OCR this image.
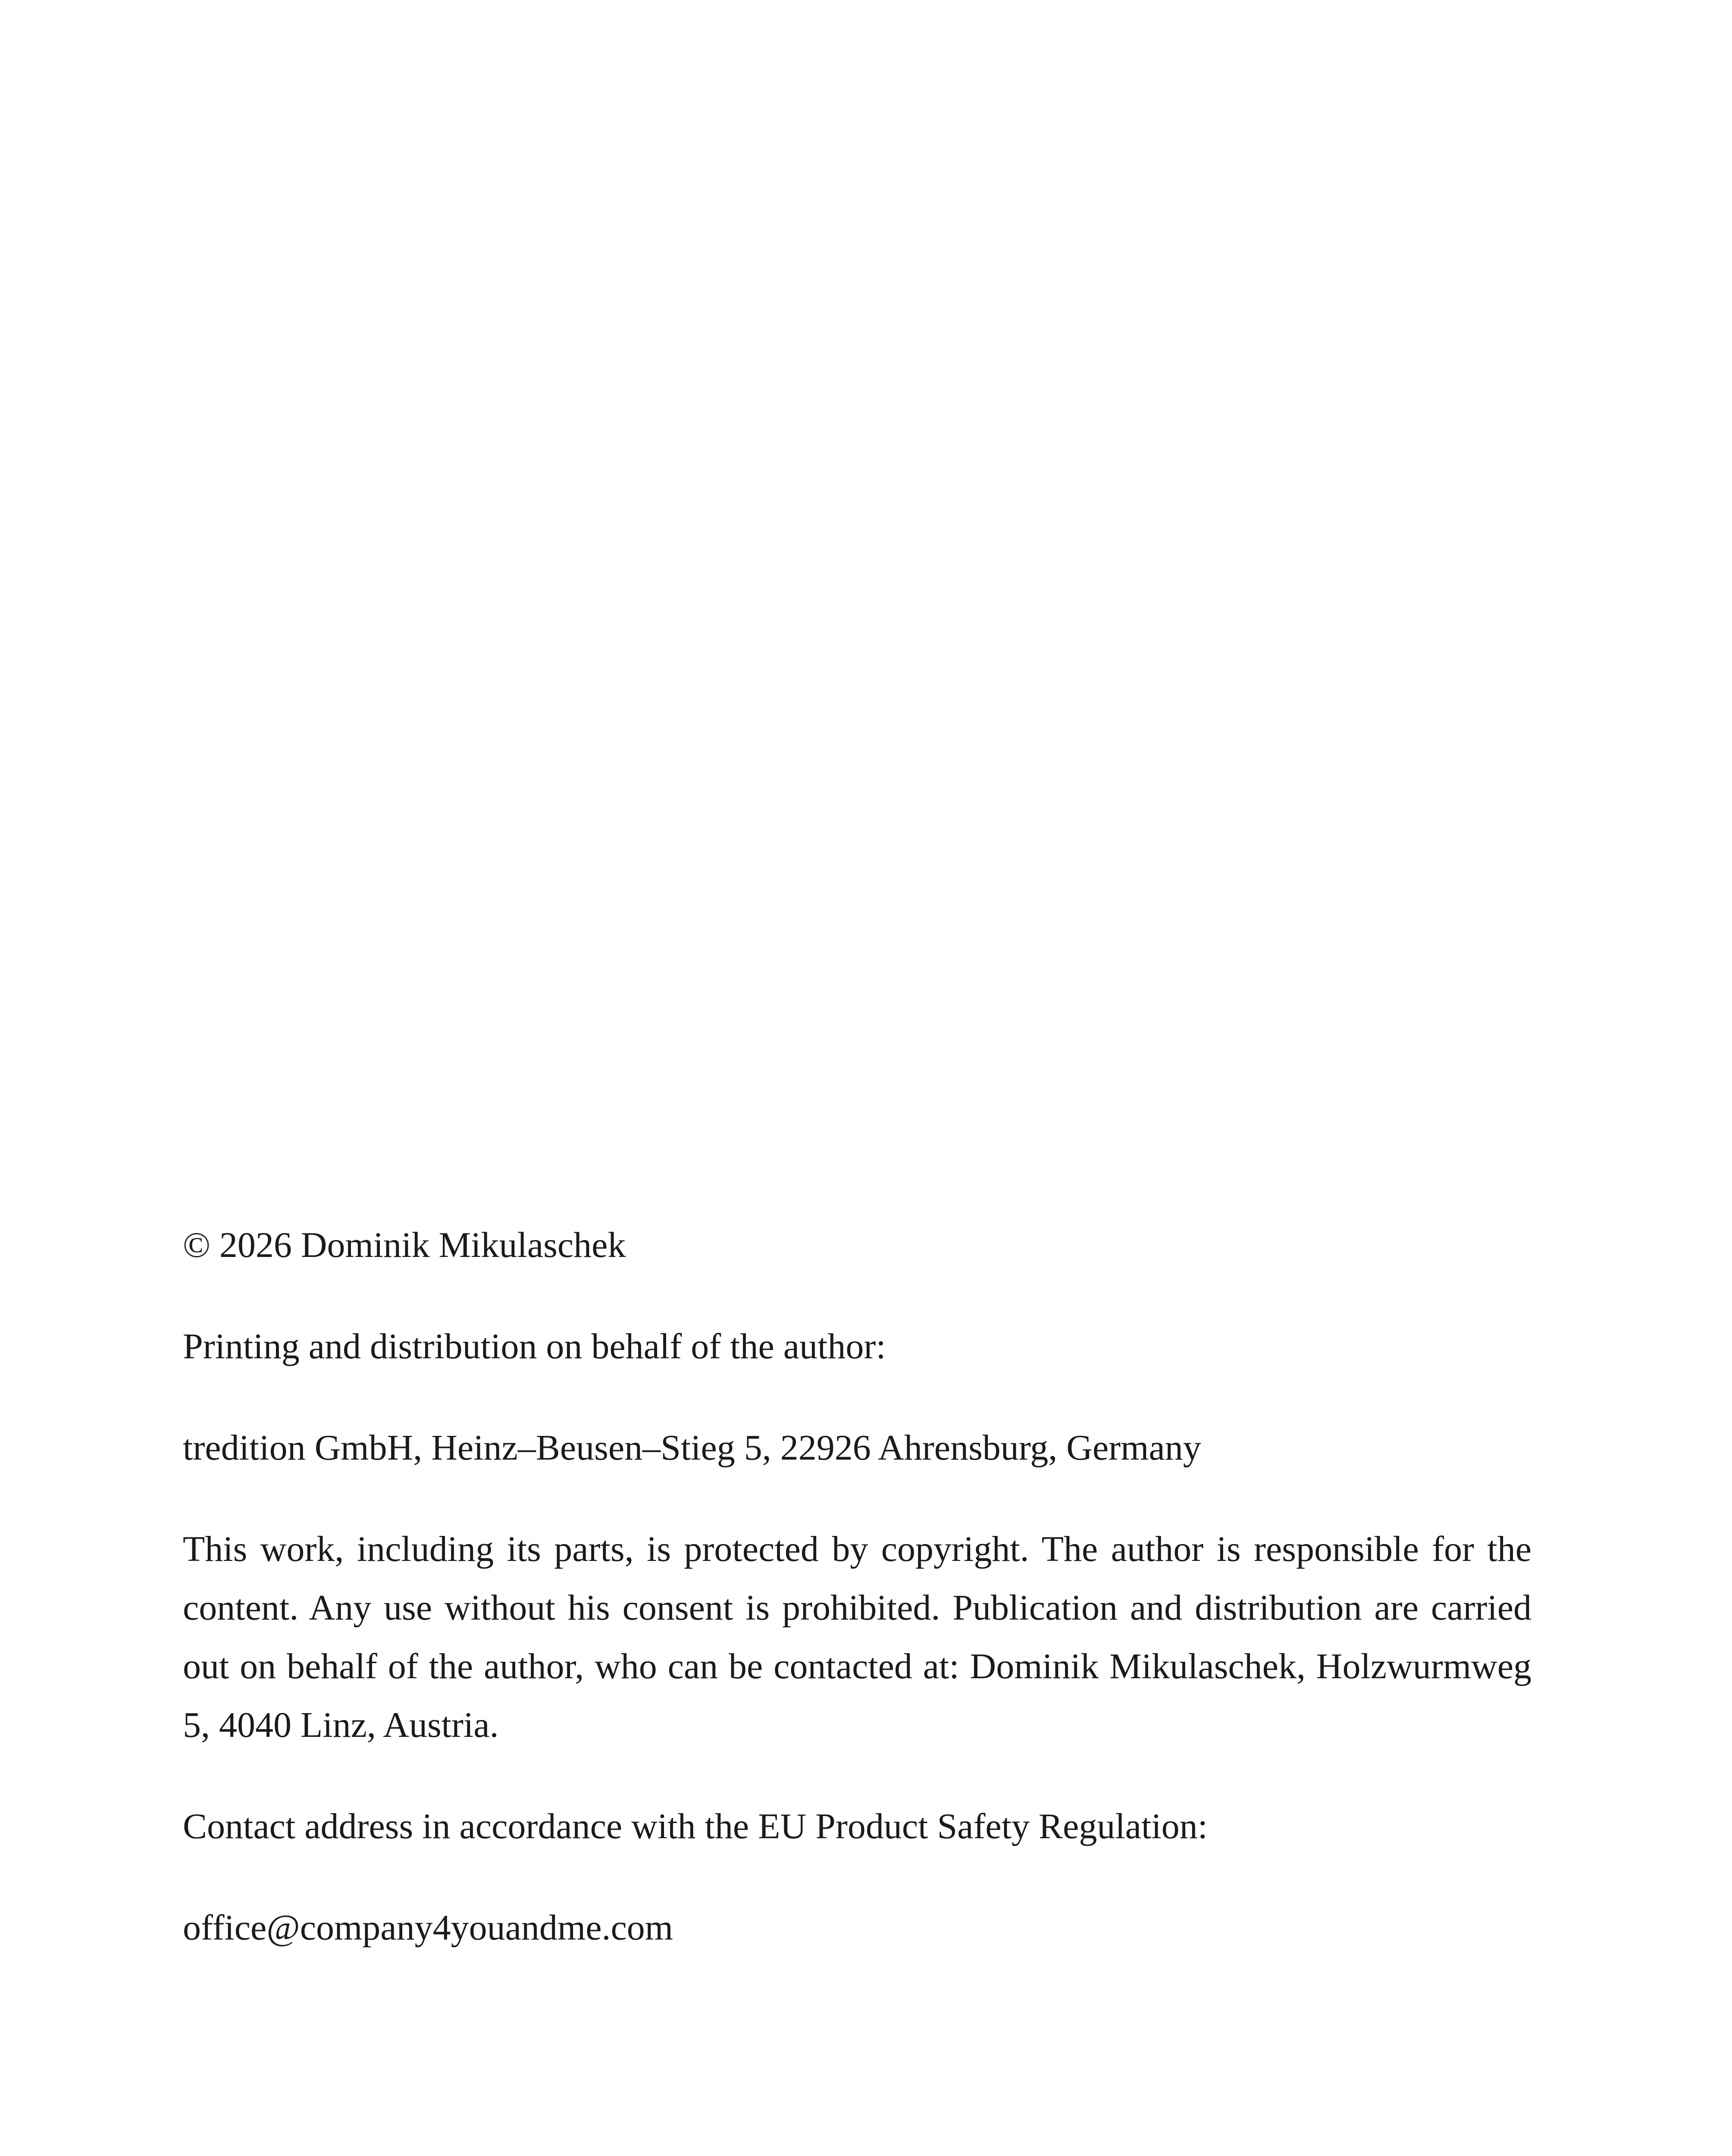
© 2026 Dominik Mikulaschek

Printing and distribution on behalf of the author:

tredition GmbH, Heinz–Beusen–Stieg 5, 22926 Ahrensburg, Germany

This work, including its parts, is protected by copyright. The author is responsible for the content. Any use without his consent is prohibited. Publication and distribution are carried out on behalf of the author, who can be contacted at: Dominik Mikulaschek, Holzwurmweg 5, 4040 Linz, Austria.

Contact address in accordance with the EU Product Safety Regulation:

office@company4youandme.com
